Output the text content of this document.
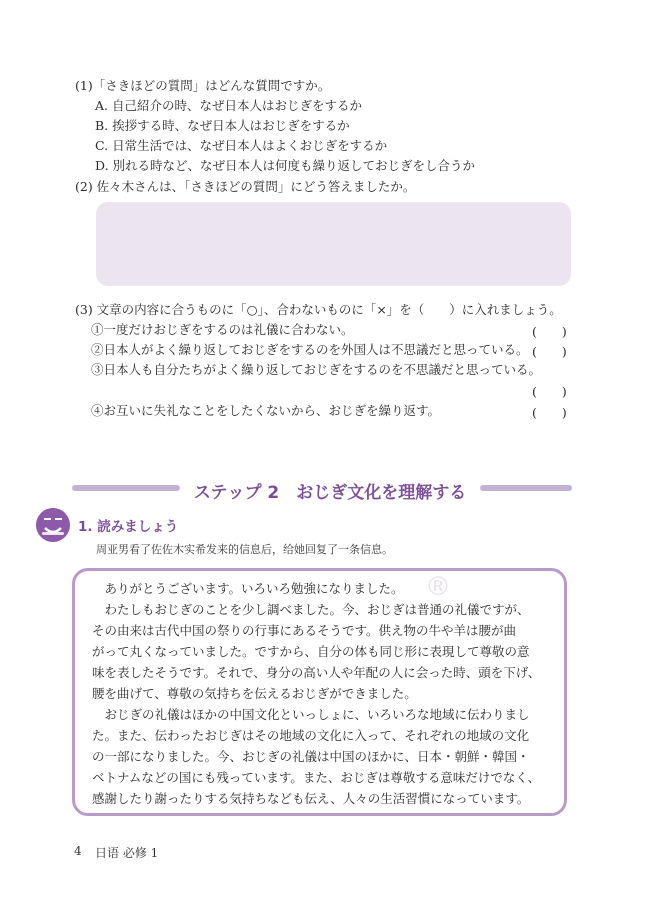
(1)「さきほどの質問」はどんな質問ですか。
A. 自己紹介の時、なぜ日本人はおじぎをするか
B. 挨拶する時、なぜ日本人はおじぎをするか
C. 日常生活では、なぜ日本人はよくおじぎをするか
D. 別れる時など、なぜ日本人は何度も繰り返しておじぎをし合うか
(2) 佐々木さんは、「さきほどの質問」にどう答えましたか。
(3) 文章の内容に合うものに「○」、合わないものに「×」を（　　）に入れましょう。
①一度だけおじぎをするのは礼儀に合わない。	(　　)
②日本人がよく繰り返しておじぎをするのを外国人は不思議だと思っている。 (　　)
③日本人も自分たちがよく繰り返しておじぎをするのを不思議だと思っている。
(　　)
④お互いに失礼なことをしたくないから、おじぎを繰り返す。	(　　)
ステップ 2　おじぎ文化を理解する
1. 読みましょう
周亚男看了佐佐木实希发来的信息后，给她回复了一条信息。
®
　ありがとうございます。いろいろ勉強になりました。
　わたしもおじぎのことを少し調べました。今、おじぎは普通の礼儀ですが、
その由来は古代中国の祭りの行事にあるそうです。供え物の牛や羊は腰が曲
がって丸くなっていました。ですから、自分の体も同じ形に表現して尊敬の意
味を表したそうです。それで、身分の高い人や年配の人に会った時、頭を下げ、
腰を曲げて、尊敬の気持ちを伝えるおじぎができました。
　おじぎの礼儀はほかの中国文化といっしょに、いろいろな地域に伝わりまし
た。また、伝わったおじぎはその地域の文化に入って、それぞれの地域の文化
の一部になりました。今、おじぎの礼儀は中国のほかに、日本・朝鮮・韓国・
ベトナムなどの国にも残っています。また、おじぎは尊敬する意味だけでなく、
感謝したり謝ったりする気持ちなども伝え、人々の生活習慣になっています。
4 日语 必修 1
